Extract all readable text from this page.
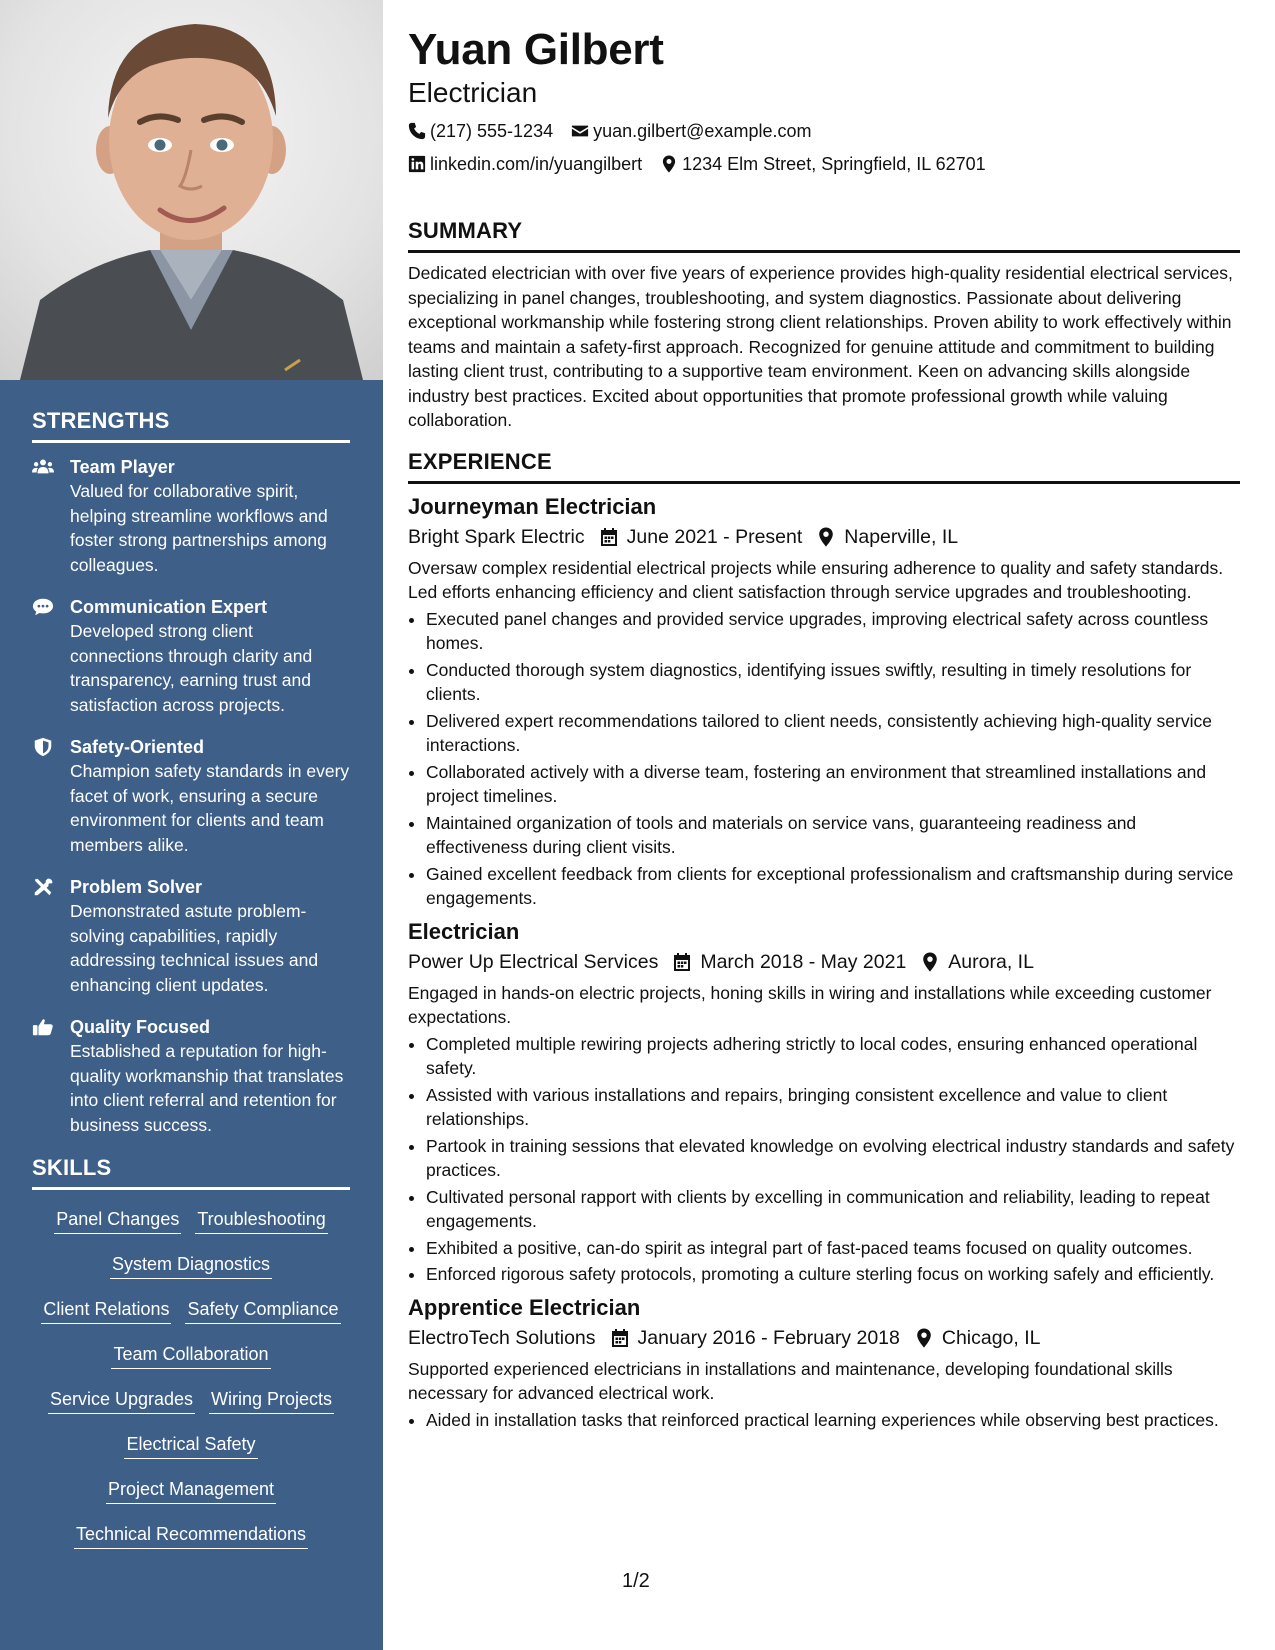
STRENGTHS
Team Player
Valued for collaborative spirit, helping streamline workflows and foster strong partnerships among colleagues.
Communication Expert
Developed strong client connections through clarity and transparency, earning trust and satisfaction across projects.
Safety-Oriented
Champion safety standards in every facet of work, ensuring a secure environment for clients and team members alike.
Problem Solver
Demonstrated astute problem-solving capabilities, rapidly addressing technical issues and enhancing client updates.
Quality Focused
Established a reputation for high-quality workmanship that translates into client referral and retention for business success.
SKILLS
Panel Changes Troubleshooting
System Diagnostics
Client Relations Safety Compliance
Team Collaboration
Service Upgrades Wiring Projects
Electrical Safety
Project Management
Technical Recommendations
Yuan Gilbert
Electrician
(217) 555-1234 yuan.gilbert@example.com
linkedin.com/in/yuangilbert 1234 Elm Street, Springfield, IL 62701
SUMMARY
Dedicated electrician with over five years of experience provides high-quality residential electrical services, specializing in panel changes, troubleshooting, and system diagnostics. Passionate about delivering exceptional workmanship while fostering strong client relationships. Proven ability to work effectively within teams and maintain a safety-first approach. Recognized for genuine attitude and commitment to building lasting client trust, contributing to a supportive team environment. Keen on advancing skills alongside industry best practices. Excited about opportunities that promote professional growth while valuing collaboration.
EXPERIENCE
Journeyman Electrician
Bright Spark Electric June 2021 - Present Naperville, IL
Oversaw complex residential electrical projects while ensuring adherence to quality and safety standards. Led efforts enhancing efficiency and client satisfaction through service upgrades and troubleshooting.
• Executed panel changes and provided service upgrades, improving electrical safety across countless homes.
• Conducted thorough system diagnostics, identifying issues swiftly, resulting in timely resolutions for clients.
• Delivered expert recommendations tailored to client needs, consistently achieving high-quality service interactions.
• Collaborated actively with a diverse team, fostering an environment that streamlined installations and project timelines.
• Maintained organization of tools and materials on service vans, guaranteeing readiness and effectiveness during client visits.
• Gained excellent feedback from clients for exceptional professionalism and craftsmanship during service engagements.
Electrician
Power Up Electrical Services March 2018 - May 2021 Aurora, IL
Engaged in hands-on electric projects, honing skills in wiring and installations while exceeding customer expectations.
• Completed multiple rewiring projects adhering strictly to local codes, ensuring enhanced operational safety.
• Assisted with various installations and repairs, bringing consistent excellence and value to client relationships.
• Partook in training sessions that elevated knowledge on evolving electrical industry standards and safety practices.
• Cultivated personal rapport with clients by excelling in communication and reliability, leading to repeat engagements.
• Exhibited a positive, can-do spirit as integral part of fast-paced teams focused on quality outcomes.
• Enforced rigorous safety protocols, promoting a culture sterling focus on working safely and efficiently.
Apprentice Electrician
ElectroTech Solutions January 2016 - February 2018 Chicago, IL
Supported experienced electricians in installations and maintenance, developing foundational skills necessary for advanced electrical work.
• Aided in installation tasks that reinforced practical learning experiences while observing best practices.
1/2
